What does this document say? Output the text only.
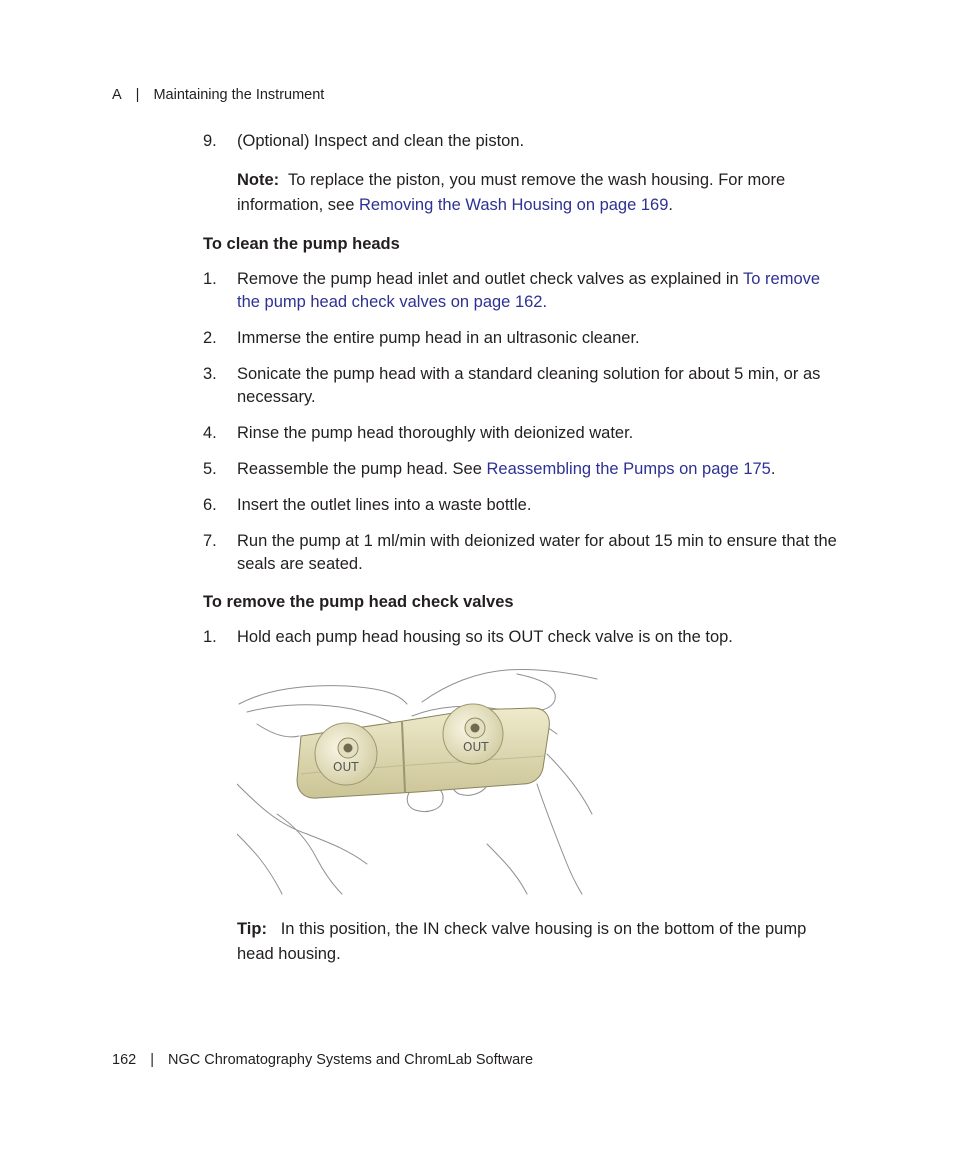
A | Maintaining the Instrument
9. (Optional) Inspect and clean the piston.
Note: To replace the piston, you must remove the wash housing. For more information, see Removing the Wash Housing on page 169.
To clean the pump heads
1. Remove the pump head inlet and outlet check valves as explained in To remove the pump head check valves on page 162.
2. Immerse the entire pump head in an ultrasonic cleaner.
3. Sonicate the pump head with a standard cleaning solution for about 5 min, or as necessary.
4. Rinse the pump head thoroughly with deionized water.
5. Reassemble the pump head. See Reassembling the Pumps on page 175.
6. Insert the outlet lines into a waste bottle.
7. Run the pump at 1 ml/min with deionized water for about 15 min to ensure that the seals are seated.
To remove the pump head check valves
1. Hold each pump head housing so its OUT check valve is on the top.
OUT
OUT
Tip: In this position, the IN check valve housing is on the bottom of the pump head housing.
162 | NGC Chromatography Systems and ChromLab Software
